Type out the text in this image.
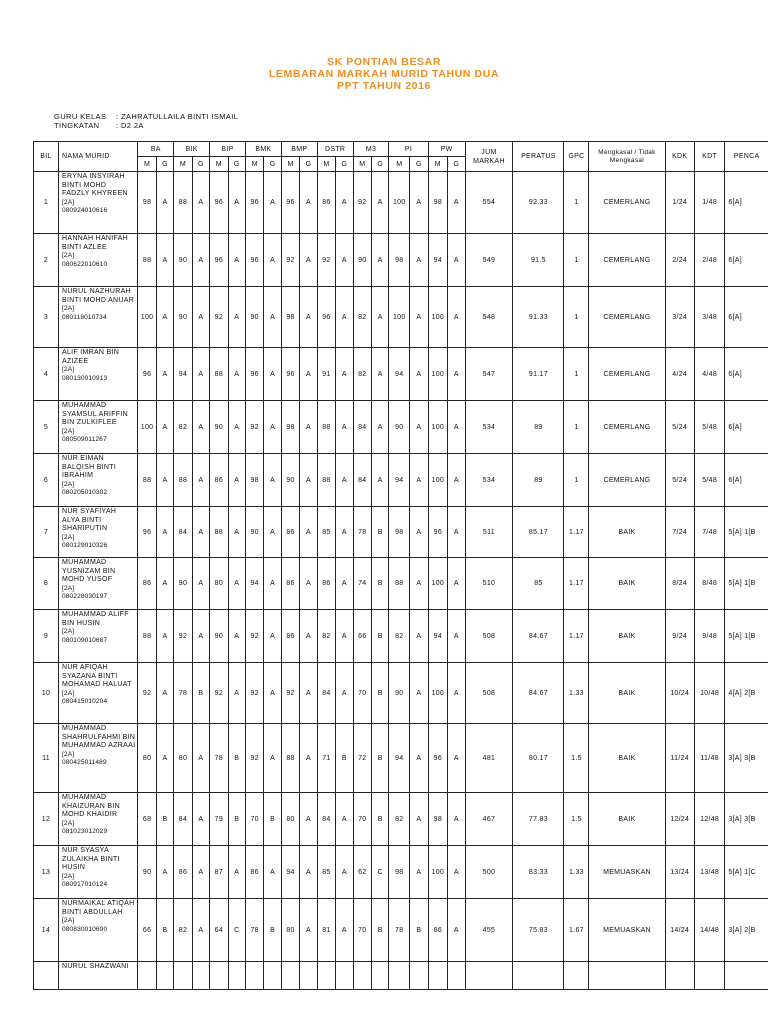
SK PONTIAN BESAR
LEMBARAN MARKAH MURID TAHUN DUA
PPT TAHUN 2016
GURU KELAS : ZAHRATULLAILA BINTI ISMAIL
TINGKATAN : D2 2A
BIL	NAMA MURID	BA		BIK		BIP		BMK		BMP		DSTR		M3		PI		PW		JUM MARKAH	PERATUS	GPC	Mengkasal / Tidak Mengkasal	KDK	KDT	PENCA
		M	G	M	G	M	G	M	G	M	G	M	G	M	G	M	G	M	G							
1	ERYNA INSYIRAH BINTI MOHD FADZLY KHYREEN
[2A]
080924010616	98	A	88	A	96	A	96	A	96	A	86	A	92	A	100	A	98	A	554	92.33	1	CEMERLANG	1/24	1/48	6[A]
2	HANNAH HANIFAH BINTI AZLEE
[2A]
080622010610	88	A	90	A	96	A	96	A	92	A	92	A	90	A	98	A	94	A	549	91.5	1	CEMERLANG	2/24	2/48	6[A]
3	NURUL NAZHURAH BINTI MOHD ANUAR
[2A]
080118010734	100	A	90	A	92	A	90	A	98	A	96	A	82	A	100	A	100	A	548	91.33	1	CEMERLANG	3/24	3/48	6[A]
4	ALIF IMRAN BIN AZIZEE
[2A]
080130010913	96	A	94	A	88	A	96	A	96	A	91	A	82	A	94	A	100	A	547	91.17	1	CEMERLANG	4/24	4/48	6[A]
5	MUHAMMAD SYAMSUL ARIFFIN BIN ZULKIFLEE
[2A]
080509011267	100	A	82	A	90	A	92	A	98	A	88	A	84	A	90	A	100	A	534	89	1	CEMERLANG	5/24	5/48	6[A]
6	NUR EIMAN BALQISH BINTI IBRAHIM
[2A]
080205010302	88	A	88	A	86	A	98	A	90	A	88	A	84	A	94	A	100	A	534	89	1	CEMERLANG	5/24	5/48	6[A]
7	NUR SYAFIYAH ALYA BINTI SHARIPUTIN
[2A]
080129010326	96	A	84	A	88	A	90	A	86	A	85	A	78	B	98	A	96	A	511	85.17	1.17	BAIK	7/24	7/48	5[A] 1[B
8	MUHAMMAD YUSNIZAM BIN MOHD YUSOF
[2A]
080228030197	86	A	90	A	80	A	94	A	86	A	86	A	74	B	88	A	100	A	510	85	1.17	BAIK	8/24	8/48	5[A] 1[B
9	MUHAMMAD ALIFF BIN HUSIN
[2A]
080109010687	88	A	92	A	90	A	92	A	86	A	82	A	66	B	82	A	94	A	508	84.67	1.17	BAIK	9/24	9/48	5[A] 1[B
10	NUR AFIQAH SYAZANA BINTI MOHAMAD HALUAT
[2A]
080415010204	92	A	78	B	92	A	92	A	92	A	84	A	70	B	90	A	100	A	508	84.67	1.33	BAIK	10/24	10/48	4[A] 2[B
11	MUHAMMAD SHAHRULFAHMI BIN MUHAMMAD AZRAAI
[2A]
080425011489	80	A	80	A	78	B	92	A	88	A	71	B	72	B	94	A	96	A	481	80.17	1.5	BAIK	11/24	11/48	3[A] 3[B
12	MUHAMMAD KHAIZURAN BIN MOHD KHAIDIR
[2A]
081023012029	68	B	84	A	79	B	70	B	80	A	84	A	70	B	82	A	98	A	467	77.83	1.5	BAIK	12/24	12/48	3[A] 3[B
13	NUR SYASYA ZULAIKHA BINTI HUSIN
[2A]
080917010124	90	A	86	A	87	A	86	A	94	A	85	A	62	C	98	A	100	A	500	83.33	1.33	MEMUASKAN	13/24	13/48	5[A] 1[C
14	NURMAIKAL ATIQAH BINTI ABDULLAH
[2A]
080830010690	66	B	82	A	64	C	78	B	80	A	81	A	70	B	78	B	86	A	455	75.83	1.67	MEMUASKAN	14/24	14/48	3[A] 2[B

	NURUL SHAZWANI																									
